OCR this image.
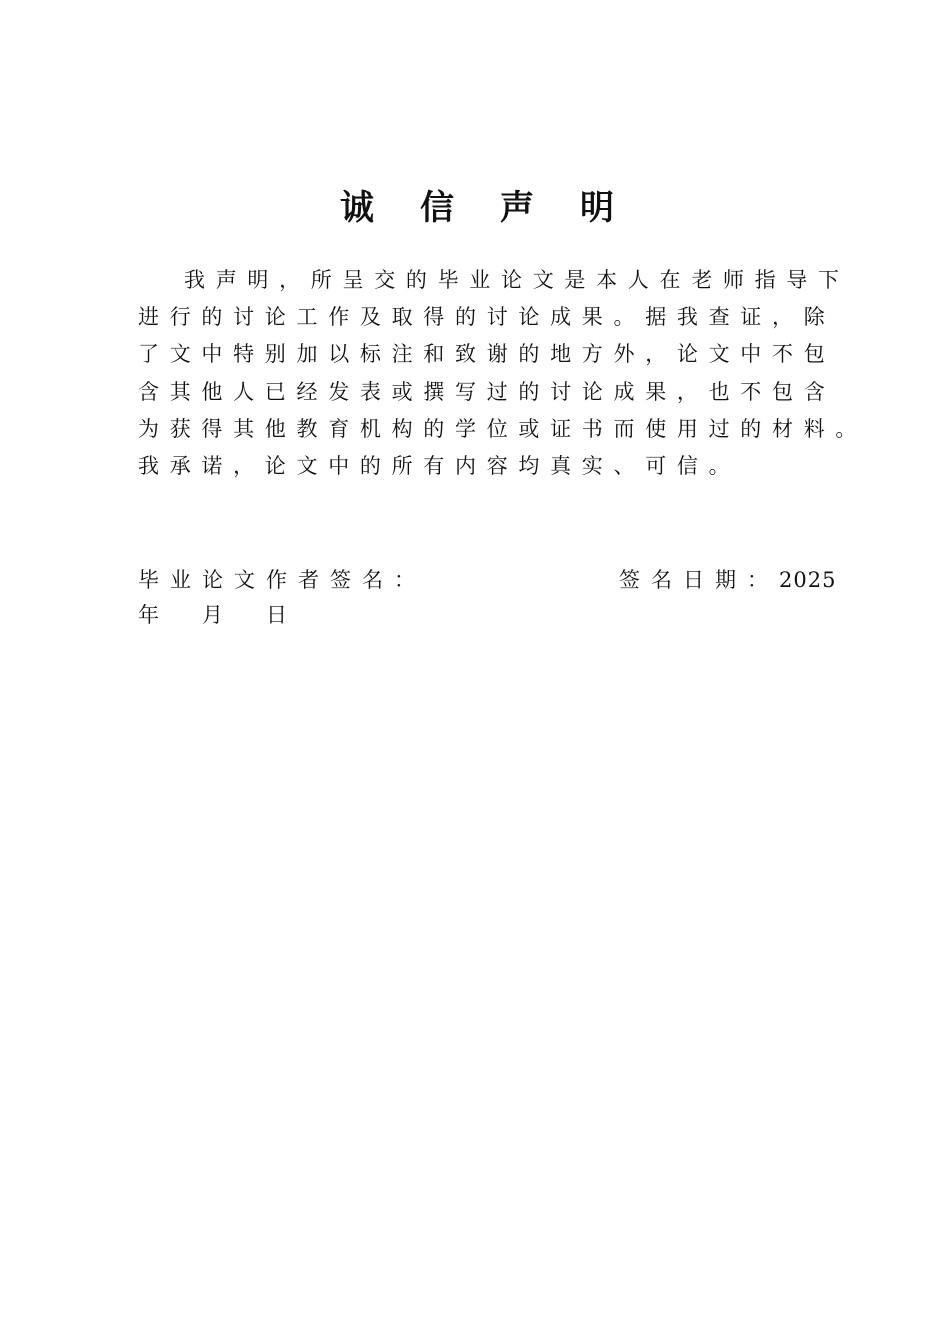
诚信声明
我声明，所呈交的毕业论文是本人在老师指导下
进行的讨论工作及取得的讨论成果。据我查证，除
了文中特别加以标注和致谢的地方外，论文中不包
含其他人已经发表或撰写过的讨论成果，也不包含
为获得其他教育机构的学位或证书而使用过的材料。
我承诺，论文中的所有内容均真实、可信。
毕业论文作者签名：	签名日期： 2025
年 月 日
